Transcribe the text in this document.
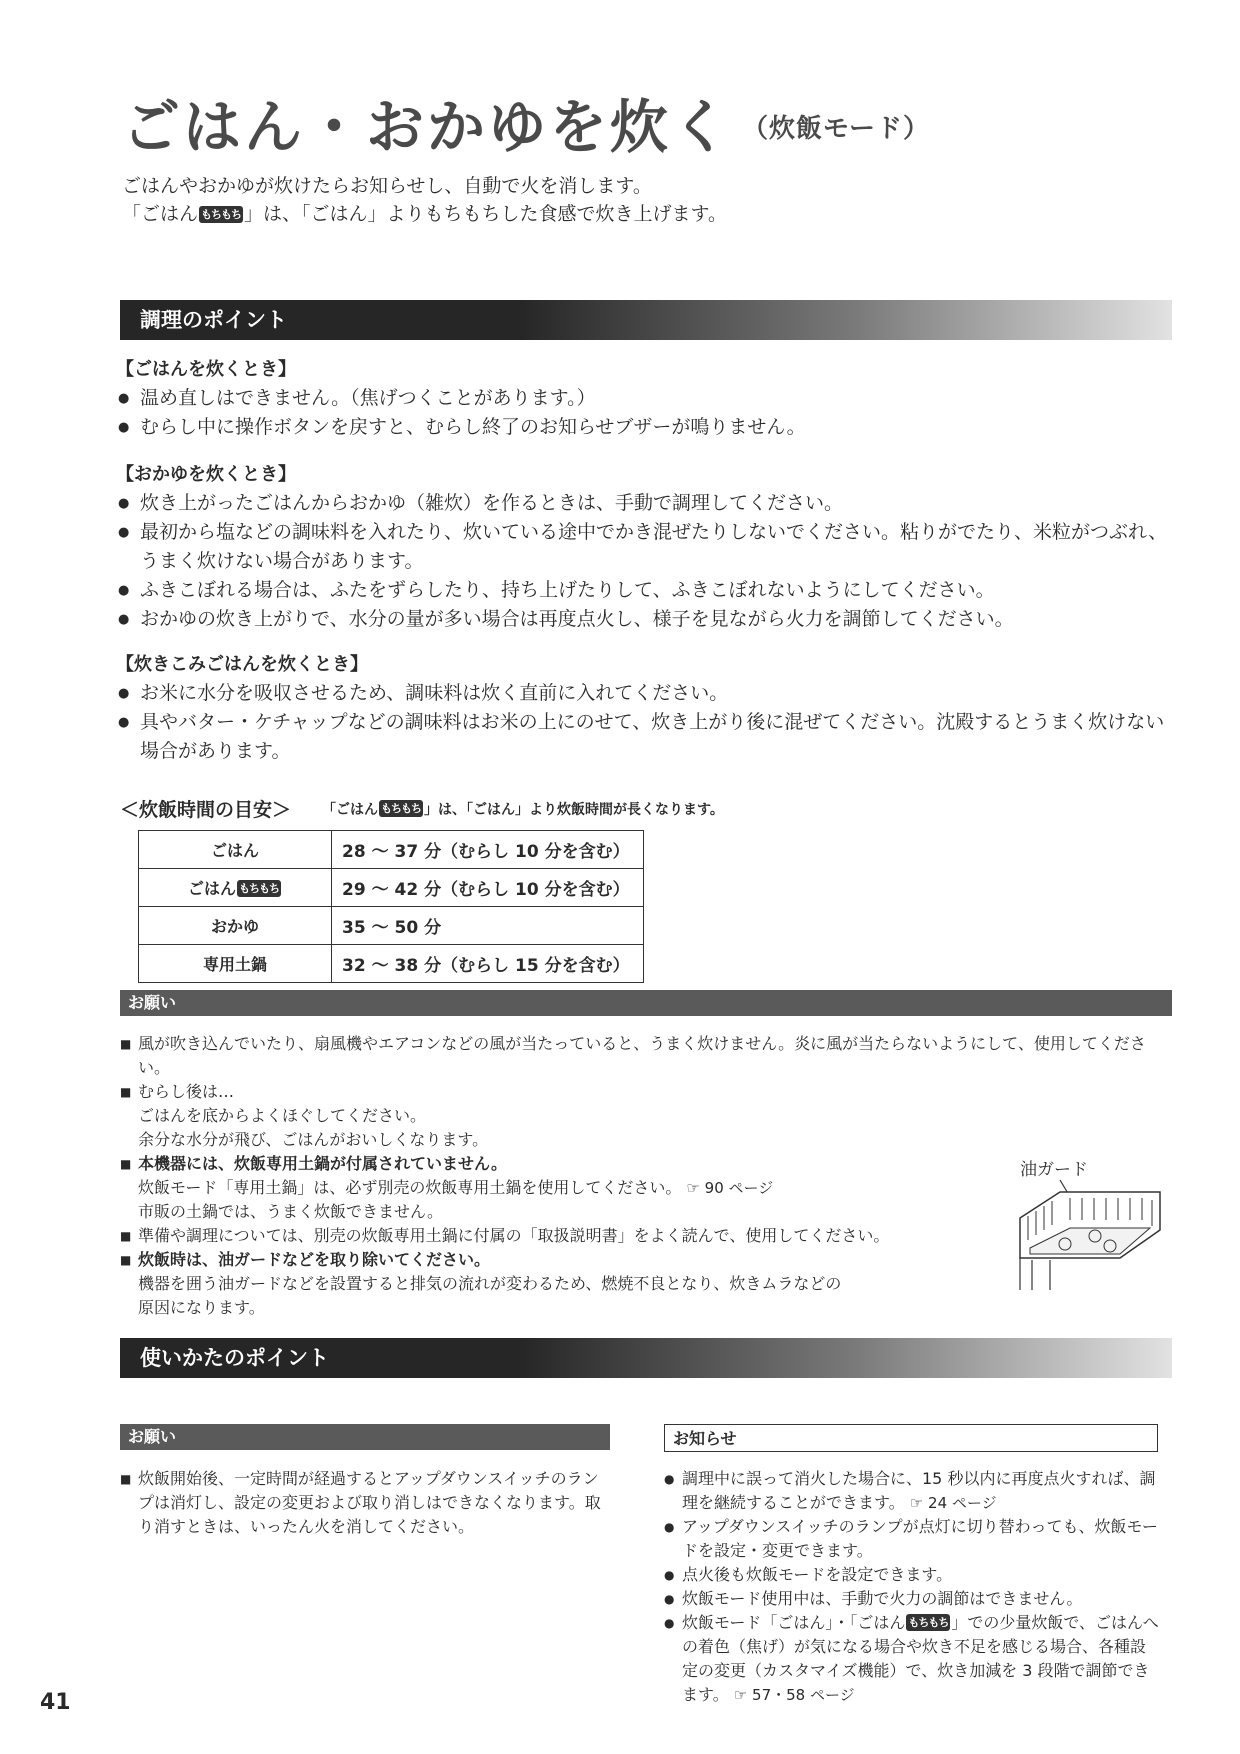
ごはん・おかゆを炊く $^{(炊飯モード)}$
ごはんやおかゆが炊けたらお知らせし、自動で火を消します。
「ごはん もちもち 」は、「ごはん」よりもちもちした食感で炊き上げます。
調理のポイント
【ごはんを炊くとき】
● 温め直しはできません。（焦げつくことがあります。）
● むらし中に操作ボタンを戻すと、むらし終了のお知らせブザーが鳴りません。
【おかゆを炊くとき】
● 炊き上がったごはんからおかゆ（雑炊）を作るときは、手動で調理してください。
● 最初から塩などの調味料を入れたり、炊いている途中でかき混ぜたりしないでください。粘りがでたり、米粒がつぶれ、うまく炊けない場合があります。
● ふきこぼれる場合は、ふたをずらしたり、持ち上げたりして、ふきこぼれないようにしてください。
● おかゆの炊き上がりで、水分の量が多い場合は再度点火し、様子を見ながら火力を調節してください。
【炊きこみごはんを炊くとき】
● お米に水分を吸収させるため、調味料は炊く直前に入れてください。
● 具やバター・ケチャップなどの調味料はお米の上にのせて、炊き上がり後に混ぜてください。沈殿するとうまく炊けない場合があります。
＜炊飯時間の目安＞ 「ごはん もちもち 」は、「ごはん」より炊飯時間が長くなります。
ごはん	28 ～ 37 分（むらし 10 分を含む）
ごはん もちもち	29 ～ 42 分（むらし 10 分を含む）
おかゆ	35 ～ 50 分
専用土鍋	32 ～ 38 分（むらし 15 分を含む）
お願い
■ 風が吹き込んでいたり、扇風機やエアコンなどの風が当たっていると、うまく炊けません。炎に風が当たらないようにして、使用してください。
■ むらし後は…
ごはんを底からよくほぐしてください。
余分な水分が飛び、ごはんがおいしくなります。
■ 本機器には、炊飯専用土鍋が付属されていません。
炊飯モード「専用土鍋」は、必ず別売の炊飯専用土鍋を使用してください。 ☞ 90 ページ
市販の土鍋では、うまく炊飯できません。
■ 準備や調理については、別売の炊飯専用土鍋に付属の「取扱説明書」をよく読んで、使用してください。
■ 炊飯時は、油ガードなどを取り除いてください。
機器を囲う油ガードなどを設置すると排気の流れが変わるため、燃焼不良となり、炊きムラなどの
原因になります。
油ガード
使いかたのポイント
お願い
■ 炊飯開始後、一定時間が経過するとアップダウンスイッチのランプは消灯し、設定の変更および取り消しはできなくなります。取り消すときは、いったん火を消してください。
お知らせ
● 調理中に誤って消火した場合に、15 秒以内に再度点火すれば、調理を継続することができます。 ☞ 24 ページ
● アップダウンスイッチのランプが点灯に切り替わっても、炊飯モードを設定・変更できます。
● 点火後も炊飯モードを設定できます。
● 炊飯モード使用中は、手動で火力の調節はできません。
● 炊飯モード「ごはん」・「ごはん もちもち 」での少量炊飯で、ごはんへの着色（焦げ）が気になる場合や炊き不足を感じる場合、各種設定の変更（カスタマイズ機能）で、炊き加減を 3 段階で調節できます。 ☞ 57・58 ページ
41
